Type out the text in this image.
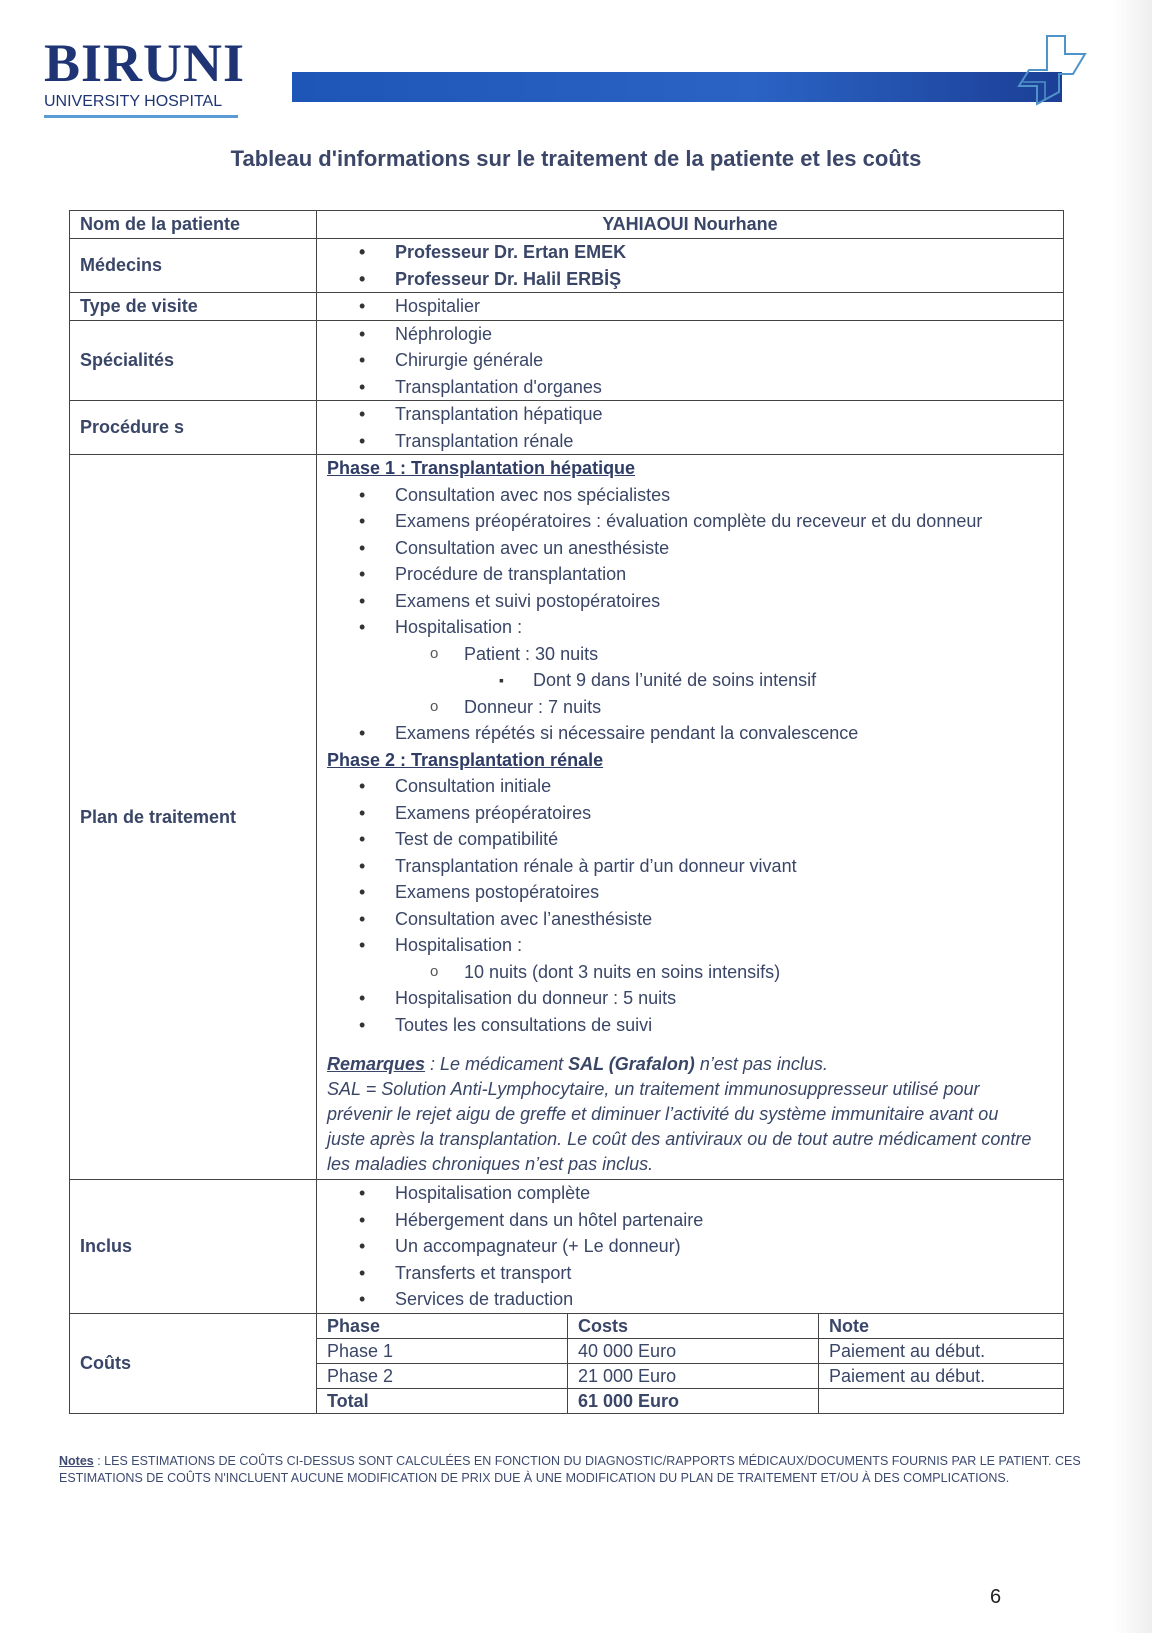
BIRUNI
UNIVERSITY HOSPITAL
Tableau d'informations sur le traitement de la patiente et les coûts
Nom de la patiente	YAHIAOUI Nourhane
Médecins	
• Professeur Dr. Ertan EMEK
• Professeur Dr. Halil ERBİŞ

Type de visite	
•Hospitalier

Spécialités	
• Néphrologie
• Chirurgie générale
• Transplantation d'organes

Procédure s	
• Transplantation hépatique
• Transplantation rénale

Plan de traitement	
Phase 1 : Transplantation hépatique
• Consultation avec nos spécialistes
• Examens préopératoires : évaluation complète du receveur et du donneur
• Consultation avec un anesthésiste
• Procédure de transplantation
• Examens et suivi postopératoires
• Hospitalisation :
o Patient : 30 nuits
▪ Dont 9 dans l’unité de soins intensif
o Donneur : 7 nuits
• Examens répétés si nécessaire pendant la convalescence
Phase 2 : Transplantation rénale
• Consultation initiale
• Examens préopératoires
• Test de compatibilité
• Transplantation rénale à partir d’un donneur vivant
• Examens postopératoires
• Consultation avec l’anesthésiste
• Hospitalisation :
o 10 nuits (dont 3 nuits en soins intensifs)
• Hospitalisation du donneur : 5 nuits
• Toutes les consultations de suivi
Remarques : Le médicament SAL (Grafalon) n’est pas inclus.
SAL = Solution Anti-Lymphocytaire, un traitement immunosuppresseur utilisé pour prévenir le rejet aigu de greffe et diminuer l’activité du système immunitaire avant ou juste après la transplantation. Le coût des antiviraux ou de tout autre médicament contre les maladies chroniques n’est pas inclus.

Inclus	
• Hospitalisation complète
• Hébergement dans un hôtel partenaire
• Un accompagnateur (+ Le donneur)
• Transferts et transport
• Services de traduction

Coûts	
Phase	Costs	Note
Phase 1	40 000 Euro	Paiement au début.
Phase 2	21 000 Euro	Paiement au début.
Total	61 000 Euro	
Notes : LES ESTIMATIONS DE COÛTS CI-DESSUS SONT CALCULÉES EN FONCTION DU DIAGNOSTIC/RAPPORTS MÉDICAUX/DOCUMENTS FOURNIS PAR LE PATIENT. CES ESTIMATIONS DE COÛTS N'INCLUENT AUCUNE MODIFICATION DE PRIX DUE À UNE MODIFICATION DU PLAN DE TRAITEMENT ET/OU À DES COMPLICATIONS.
6
